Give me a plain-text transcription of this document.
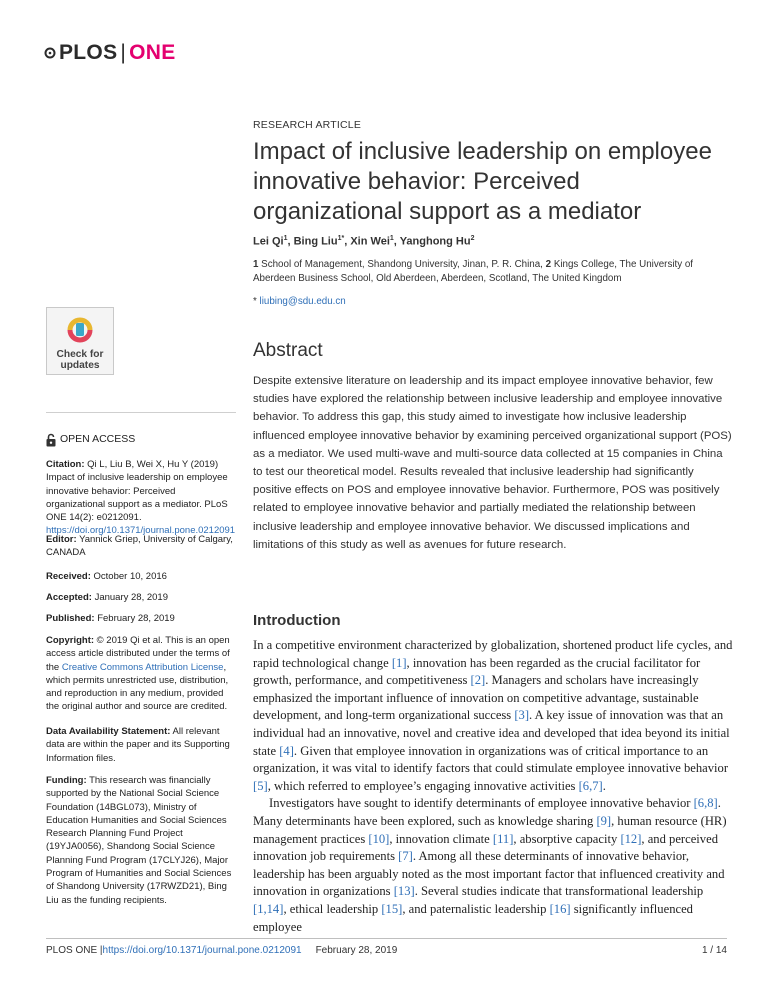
PLOS | ONE
RESEARCH ARTICLE
Impact of inclusive leadership on employee innovative behavior: Perceived organizational support as a mediator
Lei Qi$^1$, Bing Liu$^{1*}$, Xin Wei$^1$, Yanghong Hu$^2$
1 School of Management, Shandong University, Jinan, P. R. China, 2 Kings College, The University of Aberdeen Business School, Old Aberdeen, Aberdeen, Scotland, The United Kingdom
* liubing@sdu.edu.cn
Check for
updates
Abstract

Despite extensive literature on leadership and its impact employee innovative behavior, few studies have explored the relationship between inclusive leadership and employee innovative behavior. To address this gap, this study aimed to investigate how inclusive leadership influenced employee innovative behavior by examining perceived organizational support (POS) as a mediator. We used multi-wave and multi-source data collected at 15 companies in China to test our theoretical model. Results revealed that inclusive leadership had significantly positive effects on POS and employee innovative behavior. Furthermore, POS was positively related to employee innovative behavior and partially mediated the relationship between inclusive leadership and employee innovative behavior. We discussed implications and limitations of this study as well as avenues for future research.

OPEN ACCESS
Citation: Qi L, Liu B, Wei X, Hu Y (2019) Impact of inclusive leadership on employee innovative behavior: Perceived organizational support as a mediator. PLoS ONE 14(2): e0212091. https://doi.org/10.1371/journal.pone.0212091
Editor: Yannick Griep, University of Calgary, CANADA
Received: October 10, 2016
Accepted: January 28, 2019
Published: February 28, 2019
Copyright: © 2019 Qi et al. This is an open access article distributed under the terms of the Creative Commons Attribution License, which permits unrestricted use, distribution, and reproduction in any medium, provided the original author and source are credited.
Data Availability Statement: All relevant data are within the paper and its Supporting Information files.
Funding: This research was financially supported by the National Social Science Foundation (14BGL073), Ministry of Education Humanities and Social Sciences Research Planning Fund Project (19YJA0056), Shandong Social Science Planning Fund Program (17CLYJ26), Major Program of Humanities and Social Sciences of Shandong University (17RWZD21), Bing Liu as the funding recipients.
Introduction

In a competitive environment characterized by globalization, shortened product life cycles, and rapid technological change [1], innovation has been regarded as the crucial facilitator for growth, performance, and competitiveness [2]. Managers and scholars have increasingly emphasized the important influence of innovation on competitive advantage, sustainable development, and long-term organizational success [3]. A key issue of innovation was that an individual had an innovative, novel and creative idea and developed that idea beyond its initial state [4]. Given that employee innovation in organizations was of critical importance to an organization, it was vital to identify factors that could stimulate employee innovative behavior [5], which referred to employee’s engaging innovative activities [6,7].

Investigators have sought to identify determinants of employee innovative behavior [6,8]. Many determinants have been explored, such as knowledge sharing [9], human resource (HR) management practices [10], innovation climate [11], absorptive capacity [12], and perceived innovation job requirements [7]. Among all these determinants of innovative behavior, leadership has been arguably noted as the most important factor that influenced creativity and innovation in organizations [13]. Several studies indicate that transformational leadership [1,14], ethical leadership [15], and paternalistic leadership [16] significantly influenced employee

PLOS ONE | https://doi.org/10.1371/journal.pone.0212091 February 28, 2019	1 / 14
